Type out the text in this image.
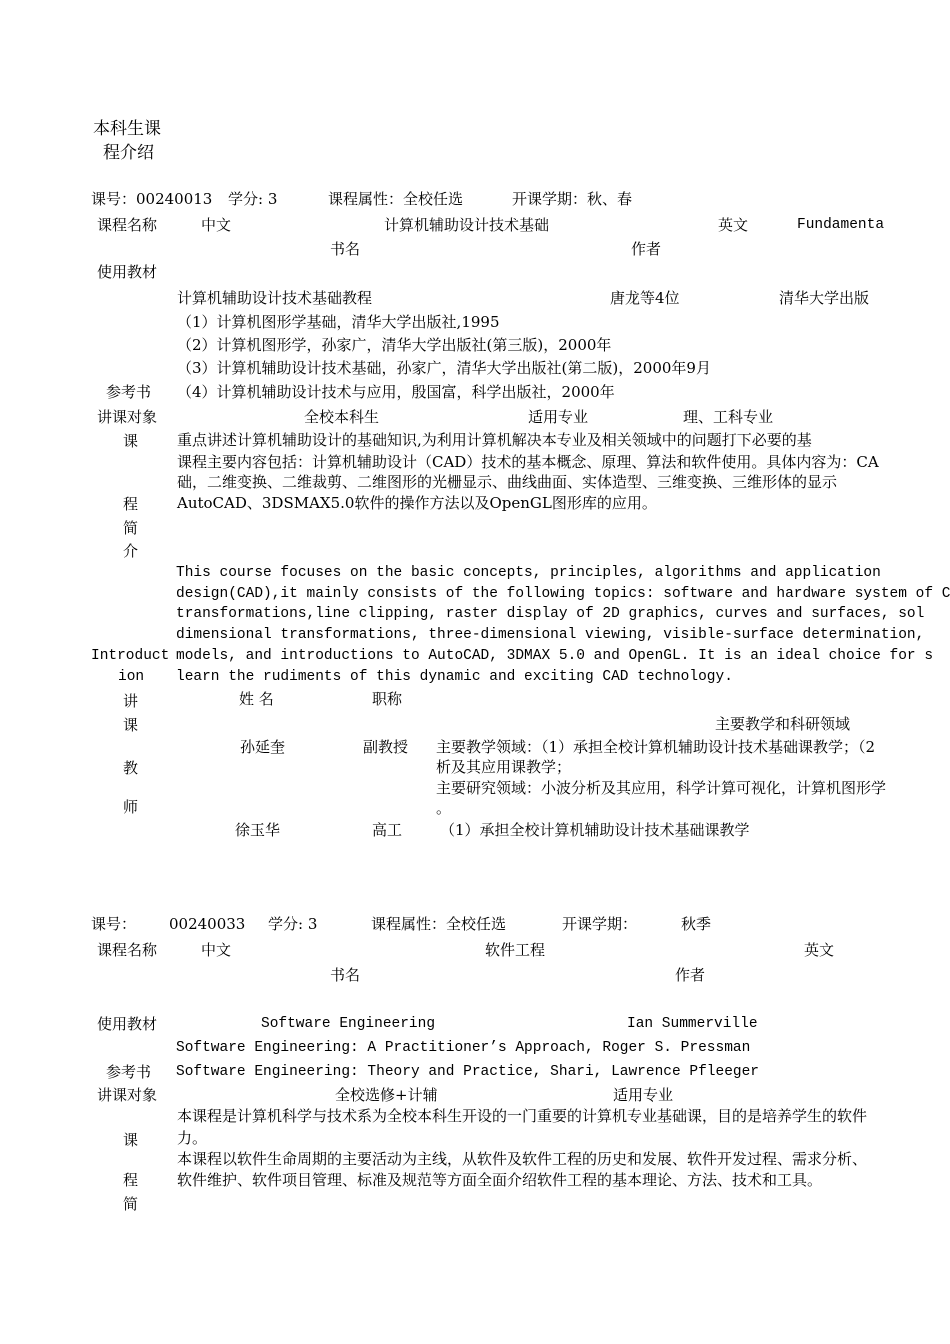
本科生课
程介绍
课号：00240013 学分: 3	课程属性：全校任选	开课学期：秋、春
课程名称	中文	计算机辅助设计技术基础	英文	Fundamenta
书名	作者
使用教材
计算机辅助设计技术基础教程	唐龙等4位	清华大学出版
（1）计算机图形学基础，清华大学出版社,1995
（2）计算机图形学，孙家广，清华大学出版社(第三版)，2000年
（3）计算机辅助设计技术基础，孙家广，清华大学出版社(第二版)，2000年9月
（4）计算机辅助设计技术与应用，殷国富，科学出版社，2000年
参考书
讲课对象	全校本科生	适用专业	理、工科专业
课
程
简
介
重点讲述计算机辅助设计的基础知识,为利用计算机解决本专业及相关领域中的问题打下必要的基
课程主要内容包括：计算机辅助设计（CAD）技术的基本概念、原理、算法和软件使用。具体内容为：CA
础，二维变换、二维裁剪、二维图形的光栅显示、曲线曲面、实体造型、三维变换、三维形体的显示
AutoCAD、3DSMAX5.0软件的操作方法以及OpenGL图形库的应用。
This course focuses on the basic concepts, principles, algorithms and application
design(CAD),it mainly consists of the following topics: software and hardware system of C
transformations,line clipping, raster display of 2D graphics, curves and surfaces, sol
dimensional transformations, three-dimensional viewing, visible-surface determination,
models, and introductions to AutoCAD, 3DMAX 5.0 and OpenGL. It is an ideal choice for s
learn the rudiments of this dynamic and exciting CAD technology.
Introduct
ion
讲
课
教
师
姓 名	职称
主要教学和科研领域
孙延奎	副教授 主要教学领域：（1）承担全校计算机辅助设计技术基础课教学；（2
析及其应用课教学；
主要研究领域：小波分析及其应用，科学计算可视化，计算机图形学
。
徐玉华	高工	（1）承担全校计算机辅助设计技术基础课教学
课号： 00240033 学分: 3	课程属性：全校任选	开课学期：	秋季
课程名称	中文	软件工程	英文
书名	作者
使用教材	Software Engineering	Ian Summerville
Software Engineering: A Practitioner’s Approach, Roger S. Pressman
参考书 Software Engineering: Theory and Practice, Shari, Lawrence Pfleeger
讲课对象	全校选修+计辅	适用专业
本课程是计算机科学与技术系为全校本科生开设的一门重要的计算机专业基础课，目的是培养学生的软件
力。
本课程以软件生命周期的主要活动为主线，从软件及软件工程的历史和发展、软件开发过程、需求分析、
软件维护、软件项目管理、标准及规范等方面全面介绍软件工程的基本理论、方法、技术和工具。
课
程
简
